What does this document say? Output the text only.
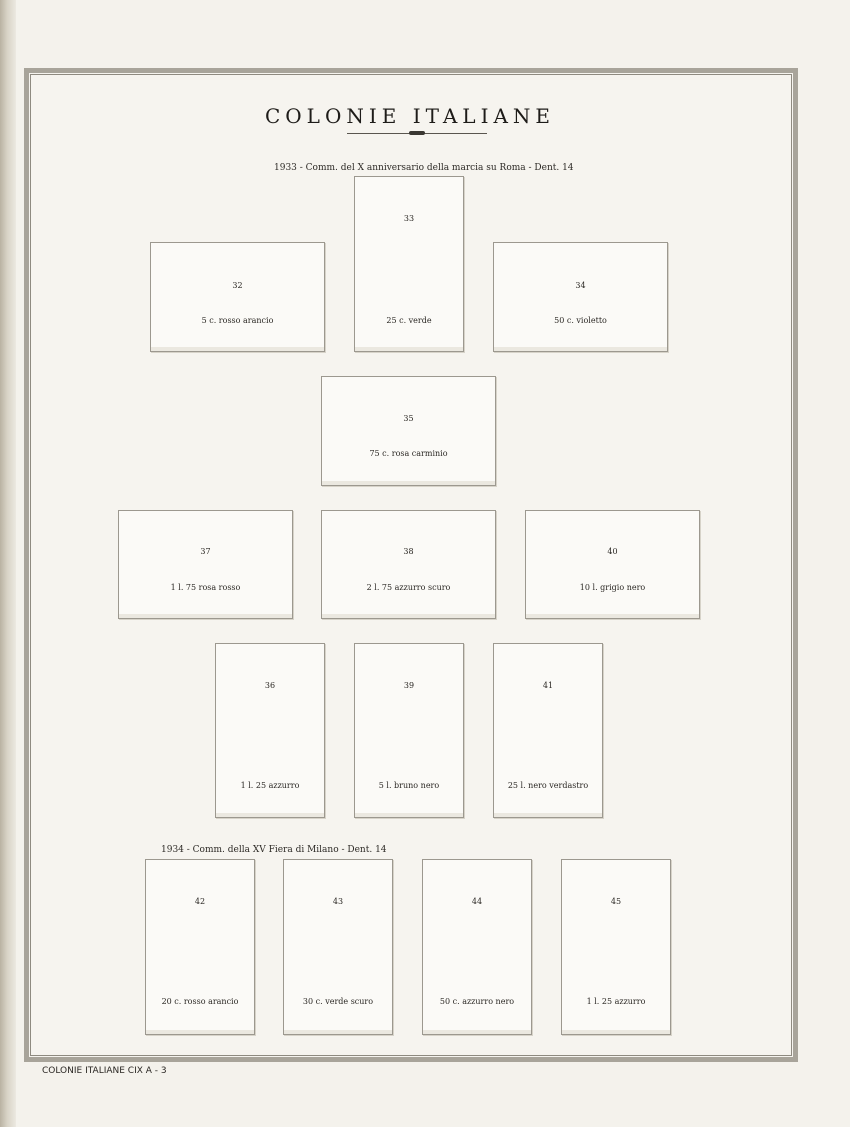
COLONIE ITALIANE
1933 - Comm. del X anniversario della marcia su Roma - Dent. 14
32
5 c. rosso arancio
33
25 c. verde
34
50 c. violetto
35
75 c. rosa carminio
37
1 l. 75 rosa rosso
38
2 l. 75 azzurro scuro
40
10 l. grigio nero
36
1 l. 25 azzurro
39
5 l. bruno nero
41
25 l. nero verdastro
1934 - Comm. della XV Fiera di Milano - Dent. 14
42
20 c. rosso arancio
43
30 c. verde scuro
44
50 c. azzurro nero
45
1 l. 25 azzurro
COLONIE ITALIANE CIX A - 3
